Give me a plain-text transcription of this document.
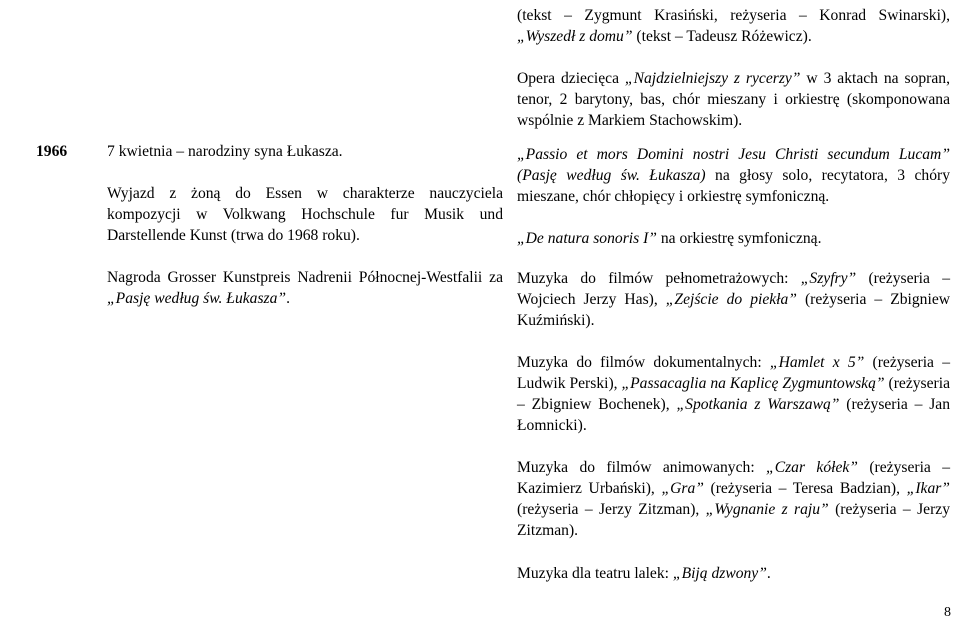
1966	7 kwietnia – narodziny syna Łukasza.

Wyjazd z żoną do Essen w charakterze nauczyciela kompozycji w Volkwang Hochschule fur Musik und Darstellende Kunst (trwa do 1968 roku).

Nagroda Grosser Kunstpreis Nadrenii Północnej-Westfalii za „Pasję według św. Łukasza”.

(tekst – Zygmunt Krasiński, reżyseria – Konrad Swinarski), „Wyszedł z domu” (tekst – Tadeusz Różewicz).

Opera dziecięca „Najdzielniejszy z rycerzy” w 3 aktach na sopran, tenor, 2 barytony, bas, chór mieszany i orkiestrę (skomponowana wspólnie z Markiem Stachowskim).

„Passio et mors Domini nostri Jesu Christi secundum Lucam” (Pasję według św. Łukasza) na głosy solo, recytatora, 3 chóry mieszane, chór chłopięcy i orkiestrę symfoniczną.

„De natura sonoris I” na orkiestrę symfoniczną.

Muzyka do filmów pełnometrażowych: „Szyfry” (reżyseria – Wojciech Jerzy Has), „Zejście do piekła” (reżyseria – Zbigniew Kuźmiński).

Muzyka do filmów dokumentalnych: „Hamlet x 5” (reżyseria – Ludwik Perski), „Passacaglia na Kaplicę Zygmuntowską” (reżyseria – Zbigniew Bochenek), „Spotkania z Warszawą” (reżyseria – Jan Łomnicki).

Muzyka do filmów animowanych: „Czar kółek” (reżyseria – Kazimierz Urbański), „Gra” (reżyseria – Teresa Badzian), „Ikar” (reżyseria – Jerzy Zitzman), „Wygnanie z raju” (reżyseria – Jerzy Zitzman).

Muzyka dla teatru lalek: „Biją dzwony”.

8
